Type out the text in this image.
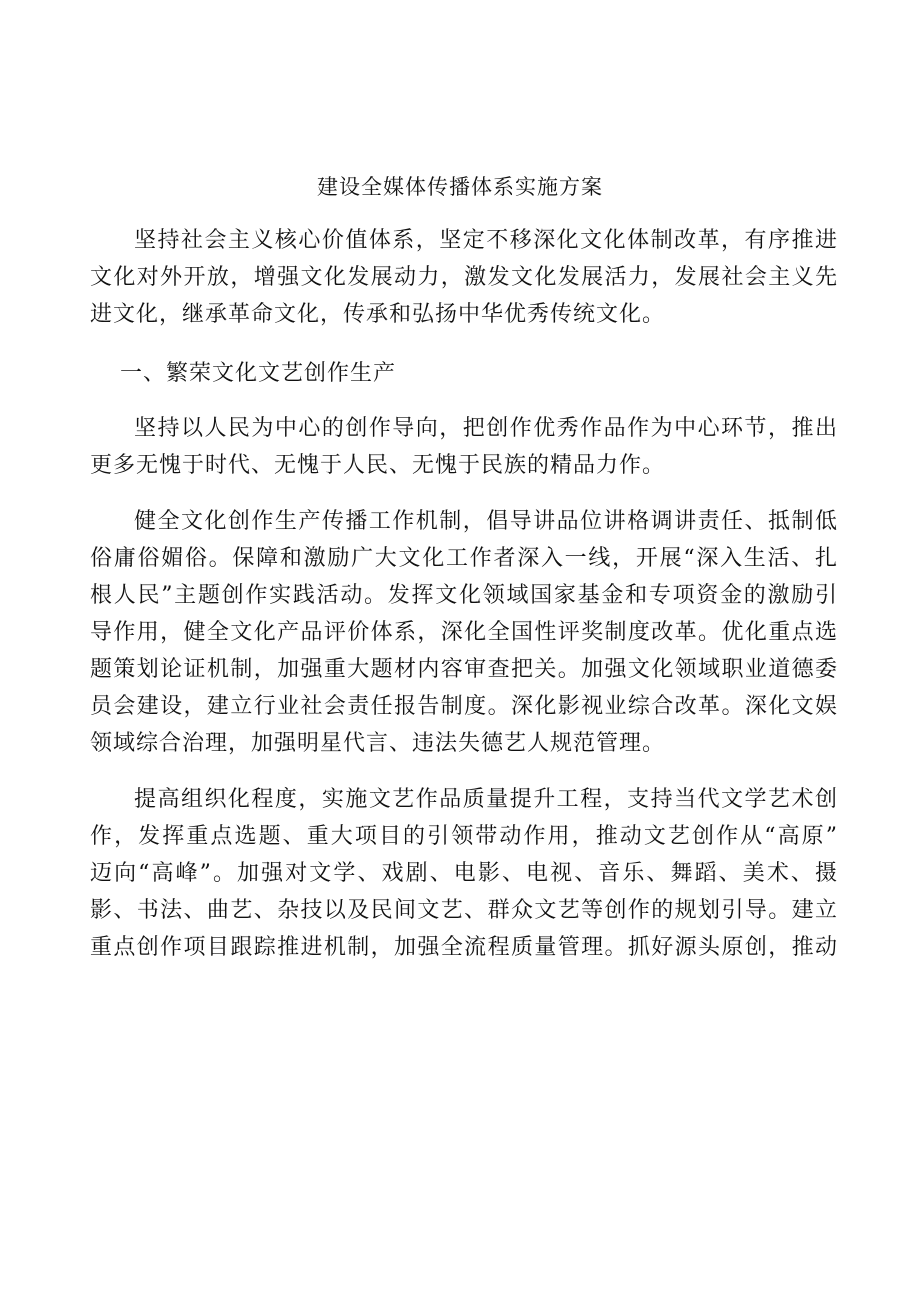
建设全媒体传播体系实施方案

坚持社会主义核心价值体系，坚定不移深化文化体制改革，有序推进
文化对外开放，增强文化发展动力，激发文化发展活力，发展社会主义先
进文化，继承革命文化，传承和弘扬中华优秀传统文化。

一、繁荣文化文艺创作生产

坚持以人民为中心的创作导向，把创作优秀作品作为中心环节，推出
更多无愧于时代、无愧于人民、无愧于民族的精品力作。

健全文化创作生产传播工作机制，倡导讲品位讲格调讲责任、抵制低
俗庸俗媚俗。保障和激励广大文化工作者深入一线，开展“深入生活、扎
根人民”主题创作实践活动。发挥文化领域国家基金和专项资金的激励引
导作用，健全文化产品评价体系，深化全国性评奖制度改革。优化重点选
题策划论证机制，加强重大题材内容审查把关。加强文化领域职业道德委
员会建设，建立行业社会责任报告制度。深化影视业综合改革。深化文娱
领域综合治理，加强明星代言、违法失德艺人规范管理。

提高组织化程度，实施文艺作品质量提升工程，支持当代文学艺术创
作，发挥重点选题、重大项目的引领带动作用，推动文艺创作从“高原”
迈向“高峰”。加强对文学、戏剧、电影、电视、音乐、舞蹈、美术、摄
影、书法、曲艺、杂技以及民间文艺、群众文艺等创作的规划引导。建立
重点创作项目跟踪推进机制，加强全流程质量管理。抓好源头原创，推动
